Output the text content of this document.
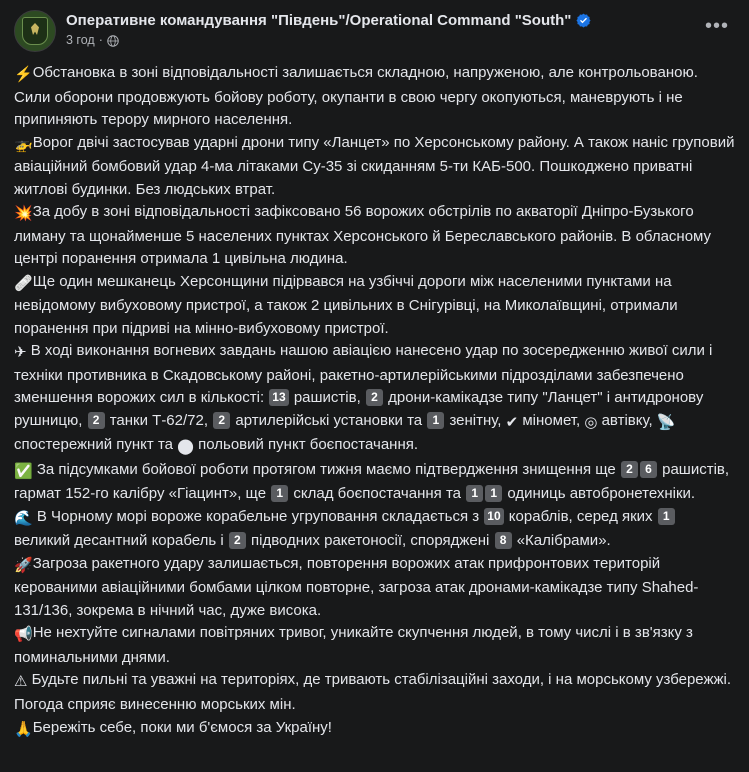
Оперативне командування "Південь"/Operational Command "South"
3 год ·
•••
⚡Обстановка в зоні відповідальності залишається складною, напруженою, але контрольованою. Сили оборони продовжують бойову роботу, окупанти в свою чергу окопуються, маневрують і не припиняють терору мирного населення.
🚁Ворог двічі застосував ударні дрони типу «Ланцет» по Херсонському району. А також наніс груповий авіаційний бомбовий удар 4-ма літаками Су-35 зі скиданням 5-ти КАБ-500. Пошкоджено приватні житлові будинки. Без людських втрат.
💥За добу в зоні відповідальності зафіксовано 56 ворожих обстрілів по акваторії Дніпро-Бузького лиману та щонайменше 5 населених пунктах Херсонського й Береславського районів. В обласному центрі поранення отримала 1 цивільна людина.
🩹Ще один мешканець Херсонщини підірвався на узбіччі дороги між населеними пунктами на невідомому вибуховому пристрої, а також 2 цивільних в Снігурівці, на Миколаївщині, отримали поранення при підриві на мінно-вибуховому пристрої.
✈ В ході виконання вогневих завдань нашою авіацією нанесено удар по зосередженню живої сили і техніки противника в Скадовському районі, ракетно-артилерійськими підрозділами забезпечено зменшення ворожих сил в кількості: 13 рашистів, 2 дрони-камікадзе типу "Ланцет" і антидронову рушницю, 2 танки Т-62/72, 2 артилерійські установки та 1 зенітну, ✔ міномет, ◎ автівку, 📡спостережний пункт та ⬤ польовий пункт боєпостачання.
✅ За підсумками бойової роботи протягом тижня маємо підтвердження знищення ще 2 6 рашистів, гармат 152-го калібру «Гіацинт», ще 1 склад боєпостачання та 1 1 одиниць автобронетехніки.
🌊 В Чорному морі вороже корабельне угруповання складається з 10 кораблів, серед яких 1 великий десантний корабель і 2 підводних ракетоносії, споряджені 8 «Калібрами».
🚀Загроза ракетного удару залишається, повторення ворожих атак прифронтових територій керованими авіаційними бомбами цілком повторне, загроза атак дронами-камікадзе типу Shahed-131/136, зокрема в нічний час, дуже висока.
📢Не нехтуйте сигналами повітряних тривог, уникайте скупчення людей, в тому числі і в зв'язку з поминальними днями.
⚠ Будьте пильні та уважні на територіях, де тривають стабілізаційні заходи, і на морському узбережжі. Погода сприяє винесенню морських мін.
🙏Бережіть себе, поки ми б'ємося за Україну!
